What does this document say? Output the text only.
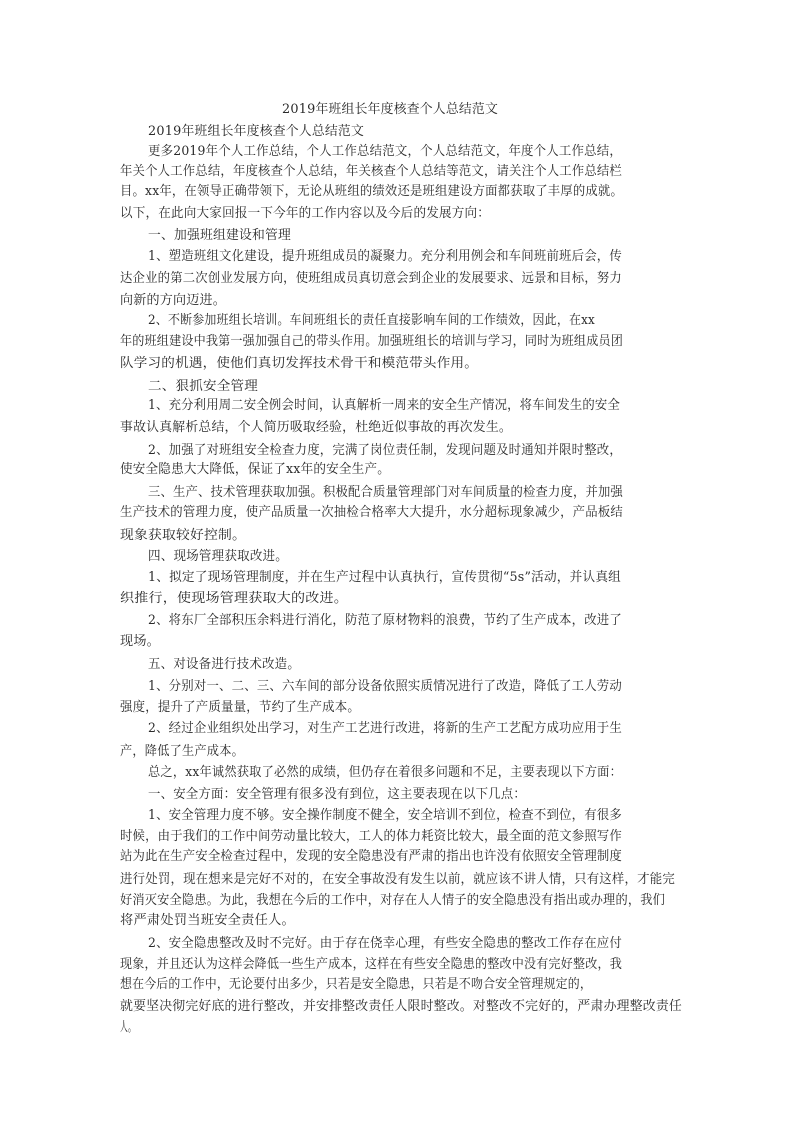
2019年班组长年度核查个人总结范文
2019年班组长年度核查个人总结范文
更多2019年个人工作总结，个人工作总结范文，个人总结范文，年度个人工作总结，
年关个人工作总结，年度核查个人总结，年关核查个人总结等范文，请关注个人工作总结栏
目。xx年，在领导正确带领下，无论从班组的绩效还是班组建设方面都获取了丰厚的成就。
以下，在此向大家回报一下今年的工作内容以及今后的发展方向：
一、加强班组建设和管理
1、塑造班组文化建设，提升班组成员的凝聚力。充分利用例会和车间班前班后会，传
达企业的第二次创业发展方向，使班组成员真切意会到企业的发展要求、远景和目标，努力
向新的方向迈进。
2、不断参加班组长培训。车间班组长的责任直接影响车间的工作绩效，因此，在xx
年的班组建设中我第一强加强自己的带头作用。加强班组长的培训与学习，同时为班组成员团
队学习的机遇，使他们真切发挥技术骨干和模范带头作用。
二、狠抓安全管理
1、充分利用周二安全例会时间，认真解析一周来的安全生产情况，将车间发生的安全
事故认真解析总结，个人简历吸取经验，杜绝近似事故的再次发生。
2、加强了对班组安全检查力度，完满了岗位责任制，发现问题及时通知并限时整改，
使安全隐患大大降低，保证了xx年的安全生产。
三、生产、技术管理获取加强。积极配合质量管理部门对车间质量的检查力度，并加强
生产技术的管理力度，使产品质量一次抽检合格率大大提升，水分超标现象减少，产品板结
现象获取较好控制。
四、现场管理获取改进。
1、拟定了现场管理制度，并在生产过程中认真执行，宣传贯彻“5s”活动，并认真组
织推行，使现场管理获取大的改进。
2、将东厂全部积压余料进行消化，防范了原材物料的浪费，节约了生产成本，改进了
现场。
五、对设备进行技术改造。
1、分别对一、二、三、六车间的部分设备依照实质情况进行了改造，降低了工人劳动
强度，提升了产质量量，节约了生产成本。
2、经过企业组织处出学习，对生产工艺进行改进，将新的生产工艺配方成功应用于生
产，降低了生产成本。
总之，xx年诚然获取了必然的成绩，但仍存在着很多问题和不足，主要表现以下方面：
一、安全方面：安全管理有很多没有到位，这主要表现在以下几点：
1、安全管理力度不够。安全操作制度不健全，安全培训不到位，检查不到位，有很多
时候，由于我们的工作中间劳动量比较大，工人的体力耗资比较大，最全面的范文参照写作
站为此在生产安全检查过程中，发现的安全隐患没有严肃的指出也许没有依照安全管理制度
进行处罚，现在想来是完好不对的，在安全事故没有发生以前，就应该不讲人情，只有这样，才能完
好消灭安全隐患。为此，我想在今后的工作中，对存在人人情子的安全隐患没有指出或办理的，我们
将严肃处罚当班安全责任人。
2、安全隐患整改及时不完好。由于存在侥幸心理，有些安全隐患的整改工作存在应付
现象，并且还认为这样会降低一些生产成本，这样在有些安全隐患的整改中没有完好整改，我
想在今后的工作中，无论要付出多少，只若是安全隐患，只若是不吻合安全管理规定的，
就要坚决彻完好底的进行整改，并安排整改责任人限时整改。对整改不完好的，严肃办理整改责任
人。
